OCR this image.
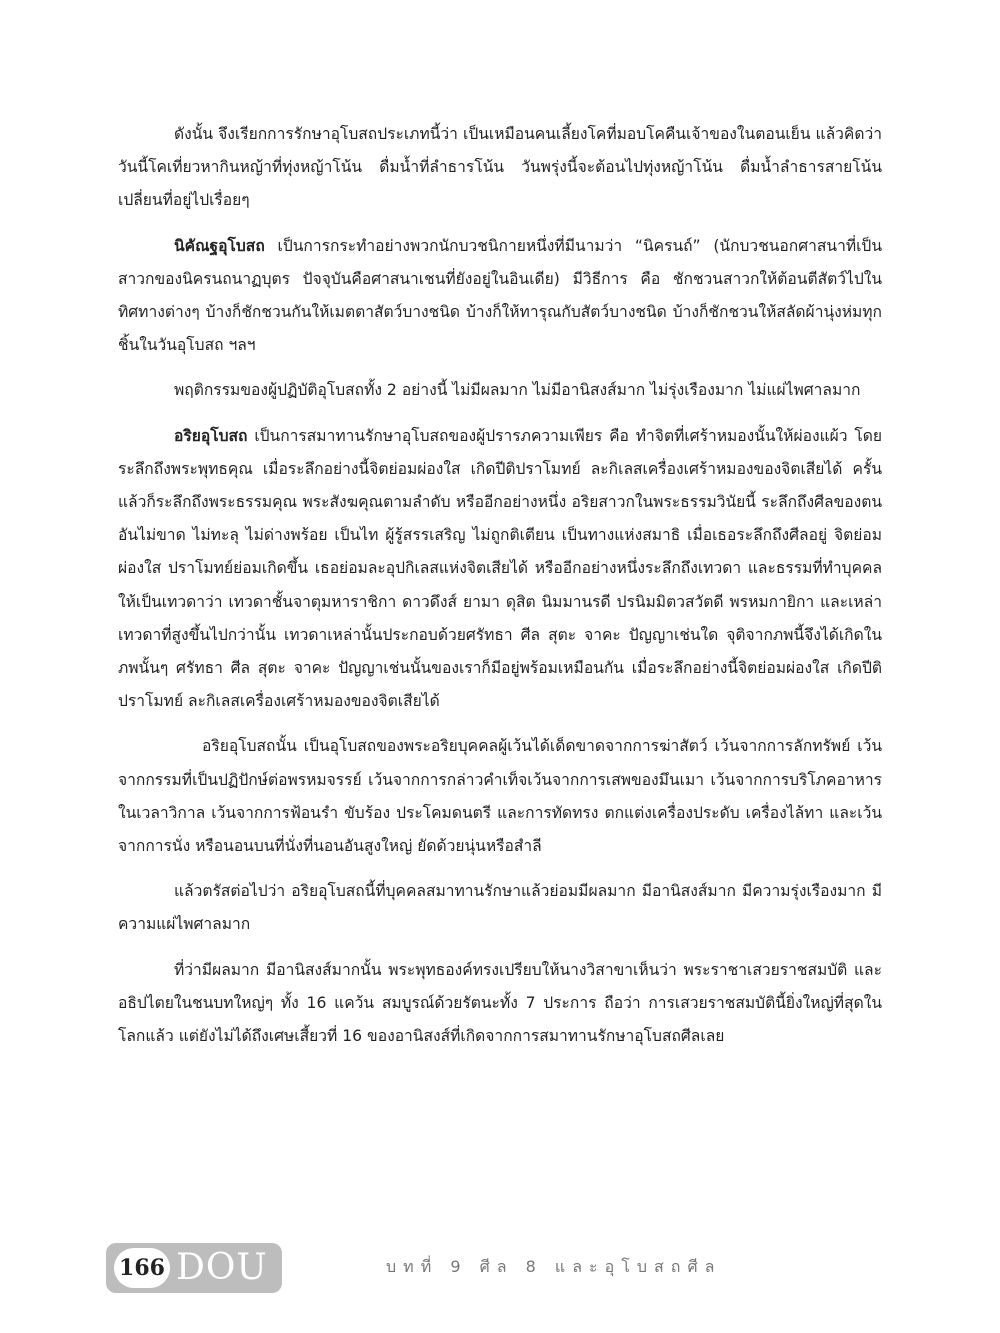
ดังนั้น จึงเรียกการรักษาอุโบสถประเภทนี้ว่า เป็นเหมือนคนเลี้ยงโคที่มอบโคคืนเจ้าของในตอนเย็น แล้วคิดว่า วันนี้โคเที่ยวหากินหญ้าที่ทุ่งหญ้าโน้น ดื่มน้ำที่ลำธารโน้น วันพรุ่งนี้จะต้อนไปทุ่งหญ้าโน้น ดื่มน้ำลำธารสายโน้น เปลี่ยนที่อยู่ไปเรื่อยๆ

นิคัณฐอุโบสถ เป็นการกระทำอย่างพวกนักบวชนิกายหนึ่งที่มีนามว่า “นิครนถ์” (นักบวชนอกศาสนาที่เป็นสาวกของนิครนถนาฏบุตร ปัจจุบันคือศาสนาเชนที่ยังอยู่ในอินเดีย) มีวิธีการ คือ ชักชวนสาวกให้ต้อนตีสัตว์ไปในทิศทางต่างๆ บ้างก็ชักชวนกันให้เมตตาสัตว์บางชนิด บ้างก็ให้ทารุณกับสัตว์บางชนิด บ้างก็ชักชวนให้สลัดผ้านุ่งห่มทุกชิ้นในวันอุโบสถ ฯลฯ

พฤติกรรมของผู้ปฏิบัติอุโบสถทั้ง 2 อย่างนี้ ไม่มีผลมาก ไม่มีอานิสงส์มาก ไม่รุ่งเรืองมาก ไม่แผ่ไพศาลมาก

อริยอุโบสถ เป็นการสมาทานรักษาอุโบสถของผู้ปรารภความเพียร คือ ทำจิตที่เศร้าหมองนั้นให้ผ่องแผ้ว โดยระลึกถึงพระพุทธคุณ เมื่อระลึกอย่างนี้จิตย่อมผ่องใส เกิดปีติปราโมทย์ ละกิเลสเครื่องเศร้าหมองของจิตเสียได้ ครั้นแล้วก็ระลึกถึงพระธรรมคุณ พระสังฆคุณตามลำดับ หรืออีกอย่างหนึ่ง อริยสาวกในพระธรรมวินัยนี้ ระลึกถึงศีลของตน อันไม่ขาด ไม่ทะลุ ไม่ด่างพร้อย เป็นไท ผู้รู้สรรเสริญ ไม่ถูกติเตียน เป็นทางแห่งสมาธิ เมื่อเธอระลึกถึงศีลอยู่ จิตย่อมผ่องใส ปราโมทย์ย่อมเกิดขึ้น เธอย่อมละอุปกิเลสแห่งจิตเสียได้ หรืออีกอย่างหนึ่งระลึกถึงเทวดา และธรรมที่ทำบุคคลให้เป็นเทวดาว่า เทวดาชั้นจาตุมหาราชิกา ดาวดึงส์ ยามา ดุสิต นิมมานรดี ปรนิมมิตวสวัตดี พรหมกายิกา และเหล่าเทวดาที่สูงขึ้นไปกว่านั้น เทวดาเหล่านั้นประกอบด้วยศรัทธา ศีล สุตะ จาคะ ปัญญาเช่นใด จุติจากภพนี้จึงได้เกิดในภพนั้นๆ ศรัทธา ศีล สุตะ จาคะ ปัญญาเช่นนั้นของเราก็มีอยู่พร้อมเหมือนกัน เมื่อระลึกอย่างนี้จิตย่อมผ่องใส เกิดปีติปราโมทย์ ละกิเลสเครื่องเศร้าหมองของจิตเสียได้

อริยอุโบสถนั้น เป็นอุโบสถของพระอริยบุคคลผู้เว้นได้เด็ดขาดจากการฆ่าสัตว์ เว้นจากการลักทรัพย์ เว้นจากกรรมที่เป็นปฏิปักษ์ต่อพรหมจรรย์ เว้นจากการกล่าวคำเท็จเว้นจากการเสพของมึนเมา เว้นจากการบริโภคอาหารในเวลาวิกาล เว้นจากการฟ้อนรำ ขับร้อง ประโคมดนตรี และการทัดทรง ตกแต่งเครื่องประดับ เครื่องไล้ทา และเว้นจากการนั่ง หรือนอนบนที่นั่งที่นอนอันสูงใหญ่ ยัดด้วยนุ่นหรือสำลี

แล้วตรัสต่อไปว่า อริยอุโบสถนี้ที่บุคคลสมาทานรักษาแล้วย่อมมีผลมาก มีอานิสงส์มาก มีความรุ่งเรืองมาก มีความแผ่ไพศาลมาก

ที่ว่ามีผลมาก มีอานิสงส์มากนั้น พระพุทธองค์ทรงเปรียบให้นางวิสาขาเห็นว่า พระราชาเสวยราชสมบัติ และอธิปไตยในชนบทใหญ่ๆ ทั้ง 16 แคว้น สมบูรณ์ด้วยรัตนะทั้ง 7 ประการ ถือว่า การเสวยราชสมบัตินี้ยิ่งใหญ่ที่สุดในโลกแล้ว แต่ยังไม่ได้ถึงเศษเสี้ยวที่ 16 ของอานิสงส์ที่เกิดจากการสมาทานรักษาอุโบสถศีลเลย

166 DOU	บทที่ 9 ศีล 8 และอุโบสถศีล
